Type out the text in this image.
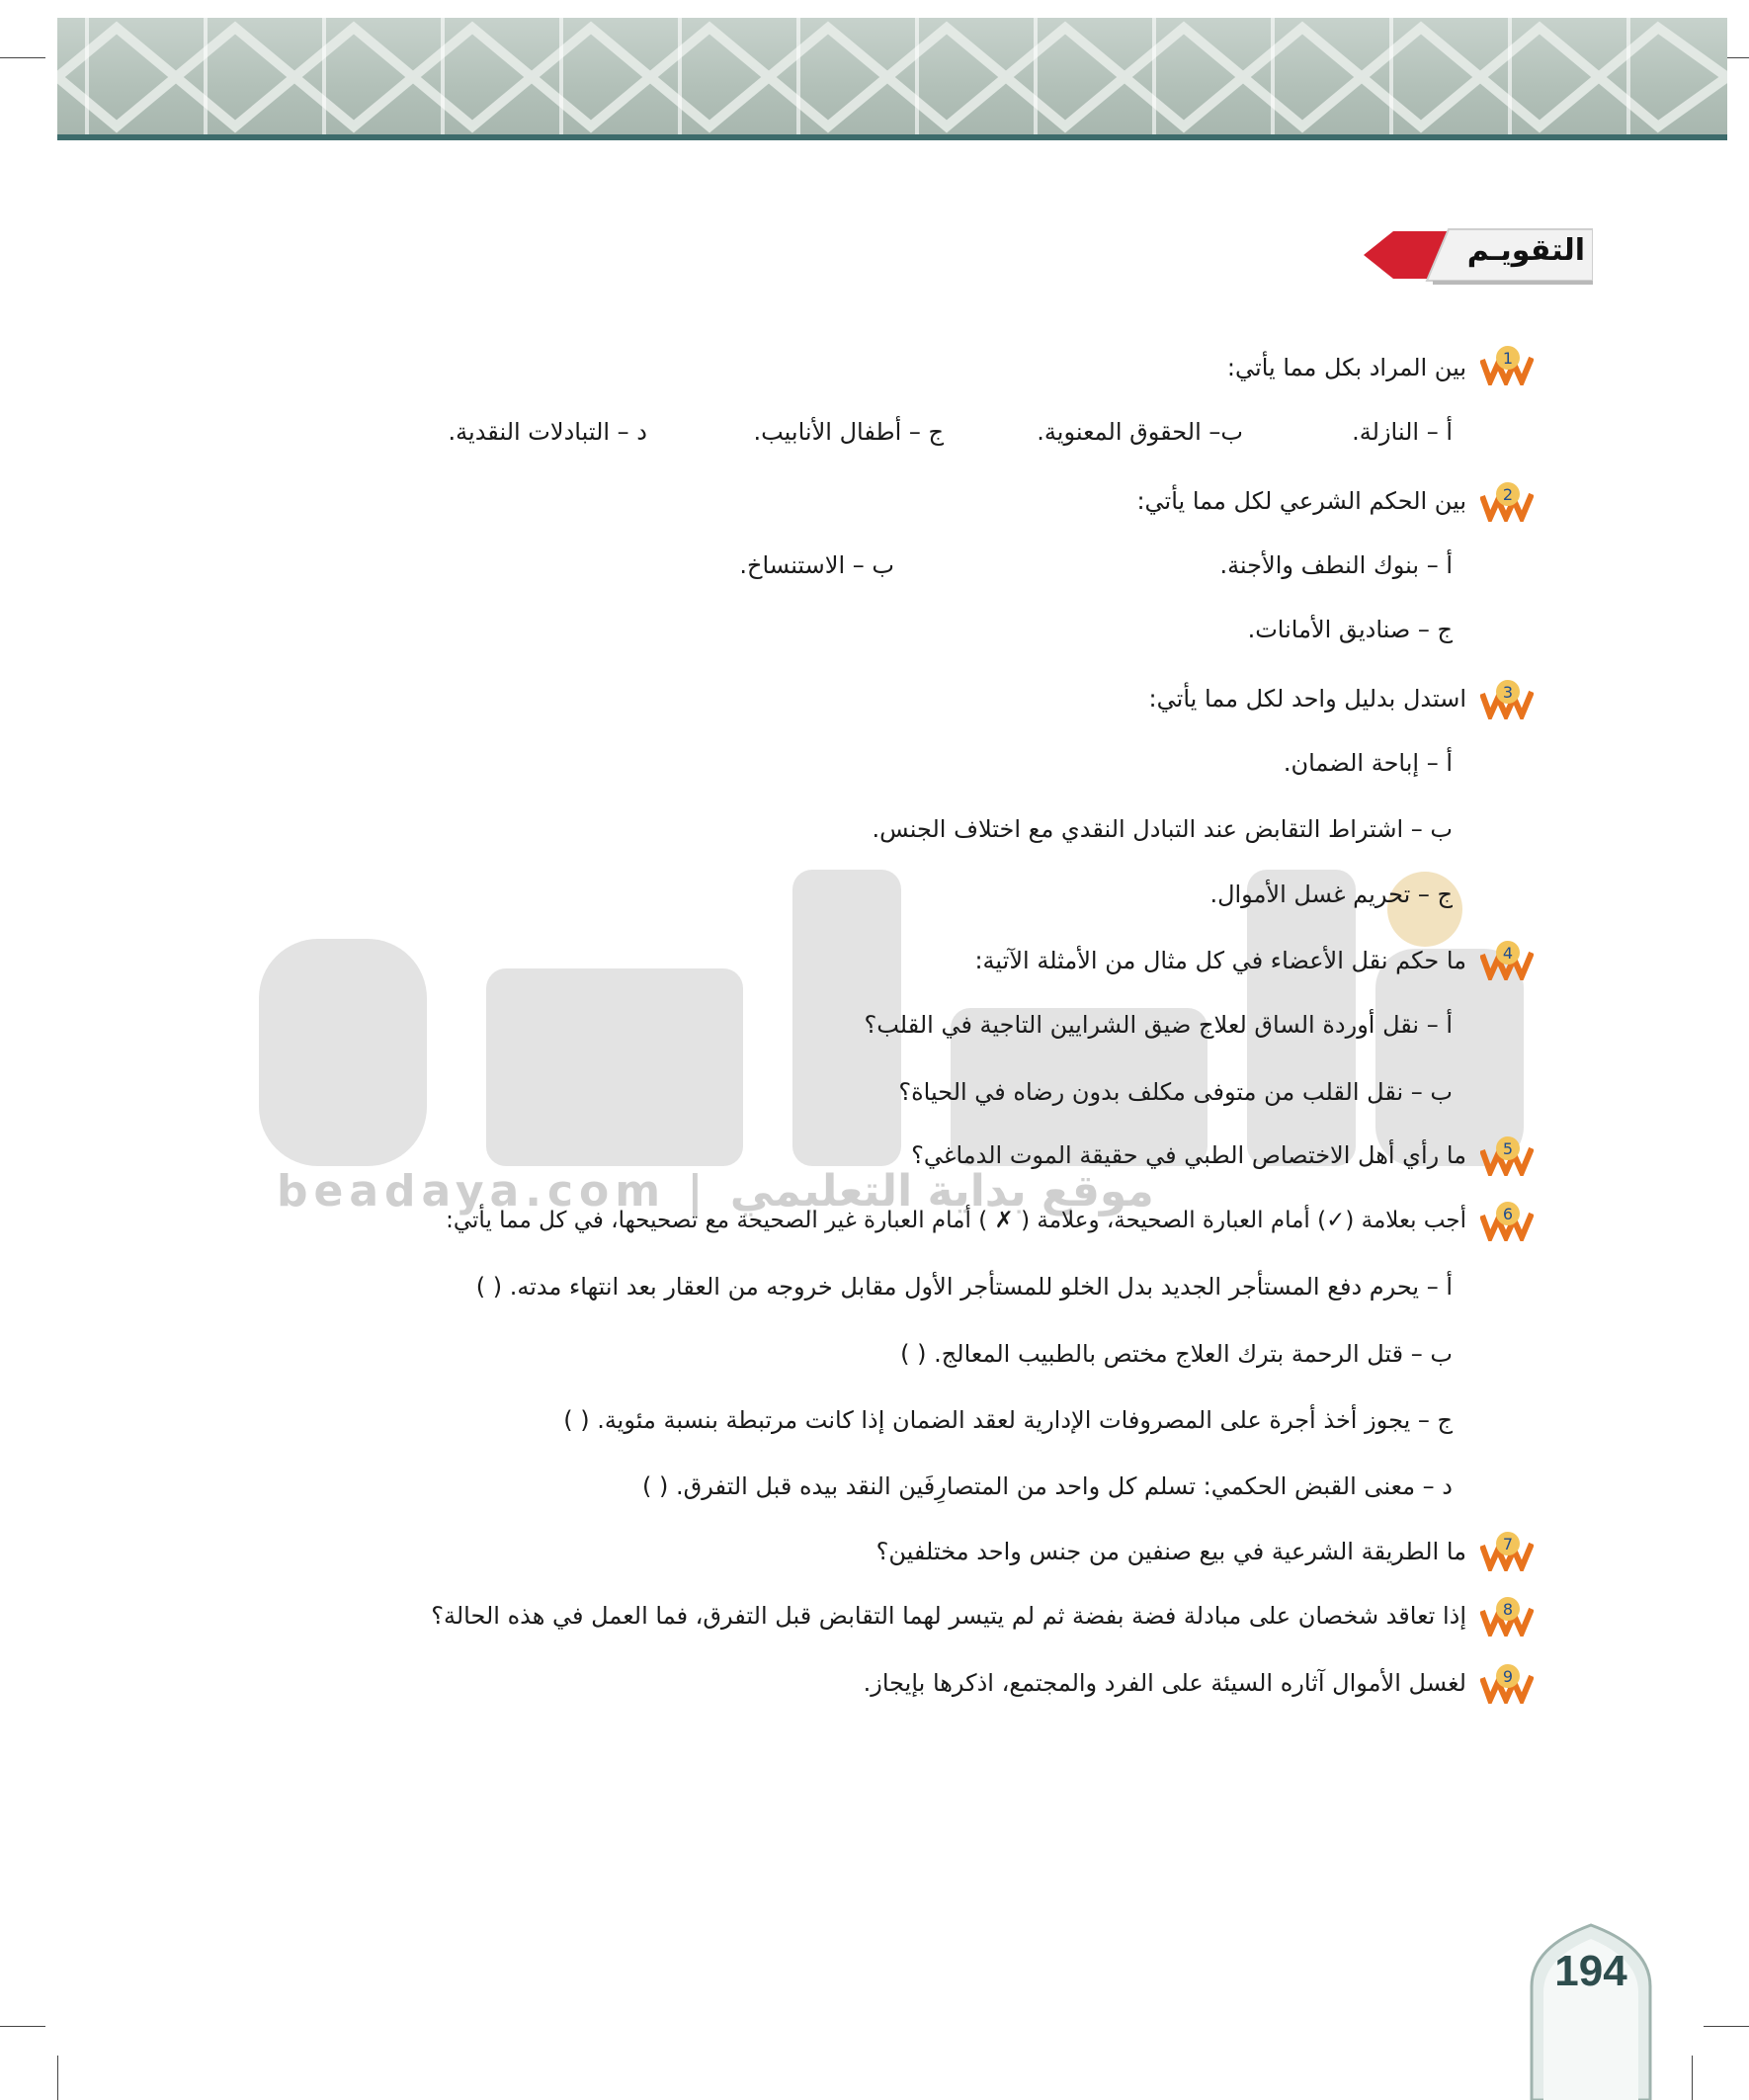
التقويـم
beadaya.com | موقع بداية التعليمي
1
2
3
4
5
6
7
8
9
بين المراد بكل مما يأتي:
أ – النازلة.
ب– الحقوق المعنوية.
ج – أطفال الأنابيب.
د – التبادلات النقدية.
بين الحكم الشرعي لكل مما يأتي:
أ – بنوك النطف والأجنة.
ب – الاستنساخ.
ج – صناديق الأمانات.
استدل بدليل واحد لكل مما يأتي:
أ – إباحة الضمان.
ب – اشتراط التقابض عند التبادل النقدي مع اختلاف الجنس.
ج – تحريم غسل الأموال.
ما حكم نقل الأعضاء في كل مثال من الأمثلة الآتية:
أ – نقل أوردة الساق لعلاج ضيق الشرايين التاجية في القلب؟
ب – نقل القلب من متوفى مكلف بدون رضاه في الحياة؟
ما رأي أهل الاختصاص الطبي في حقيقة الموت الدماغي؟
أجب بعلامة (✓) أمام العبارة الصحيحة، وعلامة ( ✗ ) أمام العبارة غير الصحيحة مع تصحيحها، في كل مما يأتي:
أ – يحرم دفع المستأجر الجديد بدل الخلو للمستأجر الأول مقابل خروجه من العقار بعد انتهاء مدته. ( )
ب – قتل الرحمة بترك العلاج مختص بالطبيب المعالج. ( )
ج – يجوز أخذ أجرة على المصروفات الإدارية لعقد الضمان إذا كانت مرتبطة بنسبة مئوية. ( )
د – معنى القبض الحكمي: تسلم كل واحد من المتصارِفَين النقد بيده قبل التفرق. ( )
ما الطريقة الشرعية في بيع صنفين من جنس واحد مختلفين؟
إذا تعاقد شخصان على مبادلة فضة بفضة ثم لم يتيسر لهما التقابض قبل التفرق، فما العمل في هذه الحالة؟
لغسل الأموال آثاره السيئة على الفرد والمجتمع، اذكرها بإيجاز.
194
